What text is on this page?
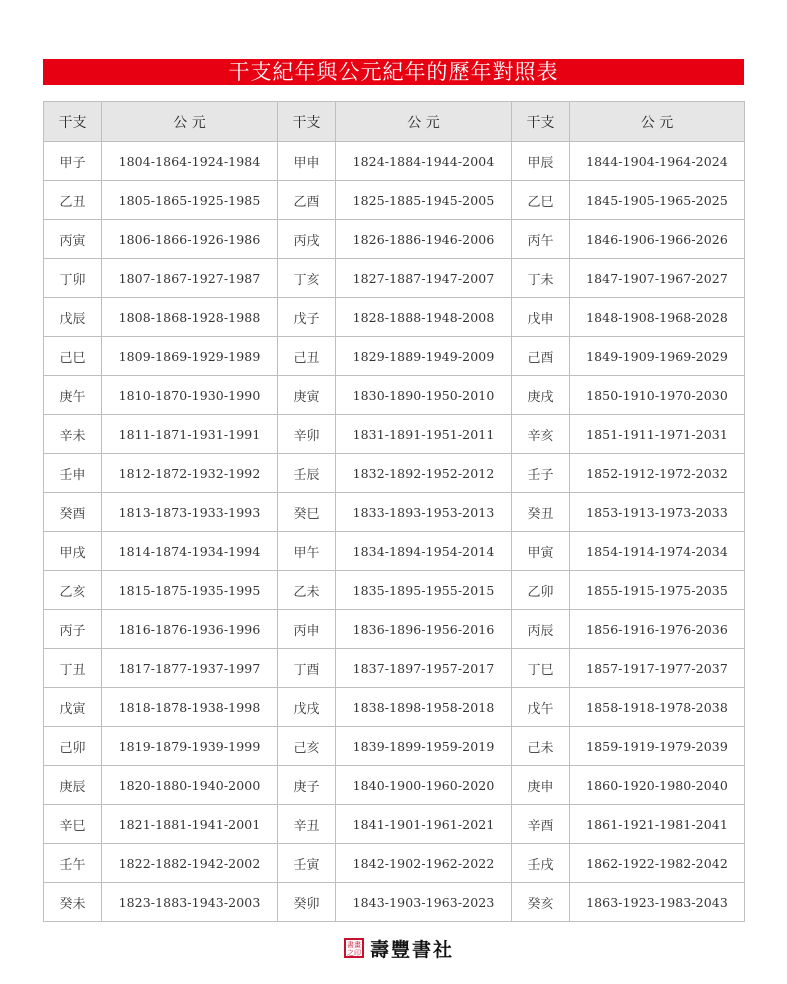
干支紀年與公元紀年的歷年對照表
干支	公 元	干支	公 元	干支	公 元
甲子	1804-1864-1924-1984	甲申	1824-1884-1944-2004	甲辰	1844-1904-1964-2024
乙丑	1805-1865-1925-1985	乙酉	1825-1885-1945-2005	乙巳	1845-1905-1965-2025
丙寅	1806-1866-1926-1986	丙戌	1826-1886-1946-2006	丙午	1846-1906-1966-2026
丁卯	1807-1867-1927-1987	丁亥	1827-1887-1947-2007	丁未	1847-1907-1967-2027
戊辰	1808-1868-1928-1988	戊子	1828-1888-1948-2008	戊申	1848-1908-1968-2028
己巳	1809-1869-1929-1989	己丑	1829-1889-1949-2009	己酉	1849-1909-1969-2029
庚午	1810-1870-1930-1990	庚寅	1830-1890-1950-2010	庚戌	1850-1910-1970-2030
辛未	1811-1871-1931-1991	辛卯	1831-1891-1951-2011	辛亥	1851-1911-1971-2031
壬申	1812-1872-1932-1992	壬辰	1832-1892-1952-2012	壬子	1852-1912-1972-2032
癸酉	1813-1873-1933-1993	癸巳	1833-1893-1953-2013	癸丑	1853-1913-1973-2033
甲戌	1814-1874-1934-1994	甲午	1834-1894-1954-2014	甲寅	1854-1914-1974-2034
乙亥	1815-1875-1935-1995	乙未	1835-1895-1955-2015	乙卯	1855-1915-1975-2035
丙子	1816-1876-1936-1996	丙申	1836-1896-1956-2016	丙辰	1856-1916-1976-2036
丁丑	1817-1877-1937-1997	丁酉	1837-1897-1957-2017	丁巳	1857-1917-1977-2037
戊寅	1818-1878-1938-1998	戊戌	1838-1898-1958-2018	戊午	1858-1918-1978-2038
己卯	1819-1879-1939-1999	己亥	1839-1899-1959-2019	己未	1859-1919-1979-2039
庚辰	1820-1880-1940-2000	庚子	1840-1900-1960-2020	庚申	1860-1920-1980-2040
辛巳	1821-1881-1941-2001	辛丑	1841-1901-1961-2021	辛酉	1861-1921-1981-2041
壬午	1822-1882-1942-2002	壬寅	1842-1902-1962-2022	壬戌	1862-1922-1982-2042
癸未	1823-1883-1943-2003	癸卯	1843-1903-1963-2023	癸亥	1863-1923-1983-2043
書 畫
之 印 壽豐書社
